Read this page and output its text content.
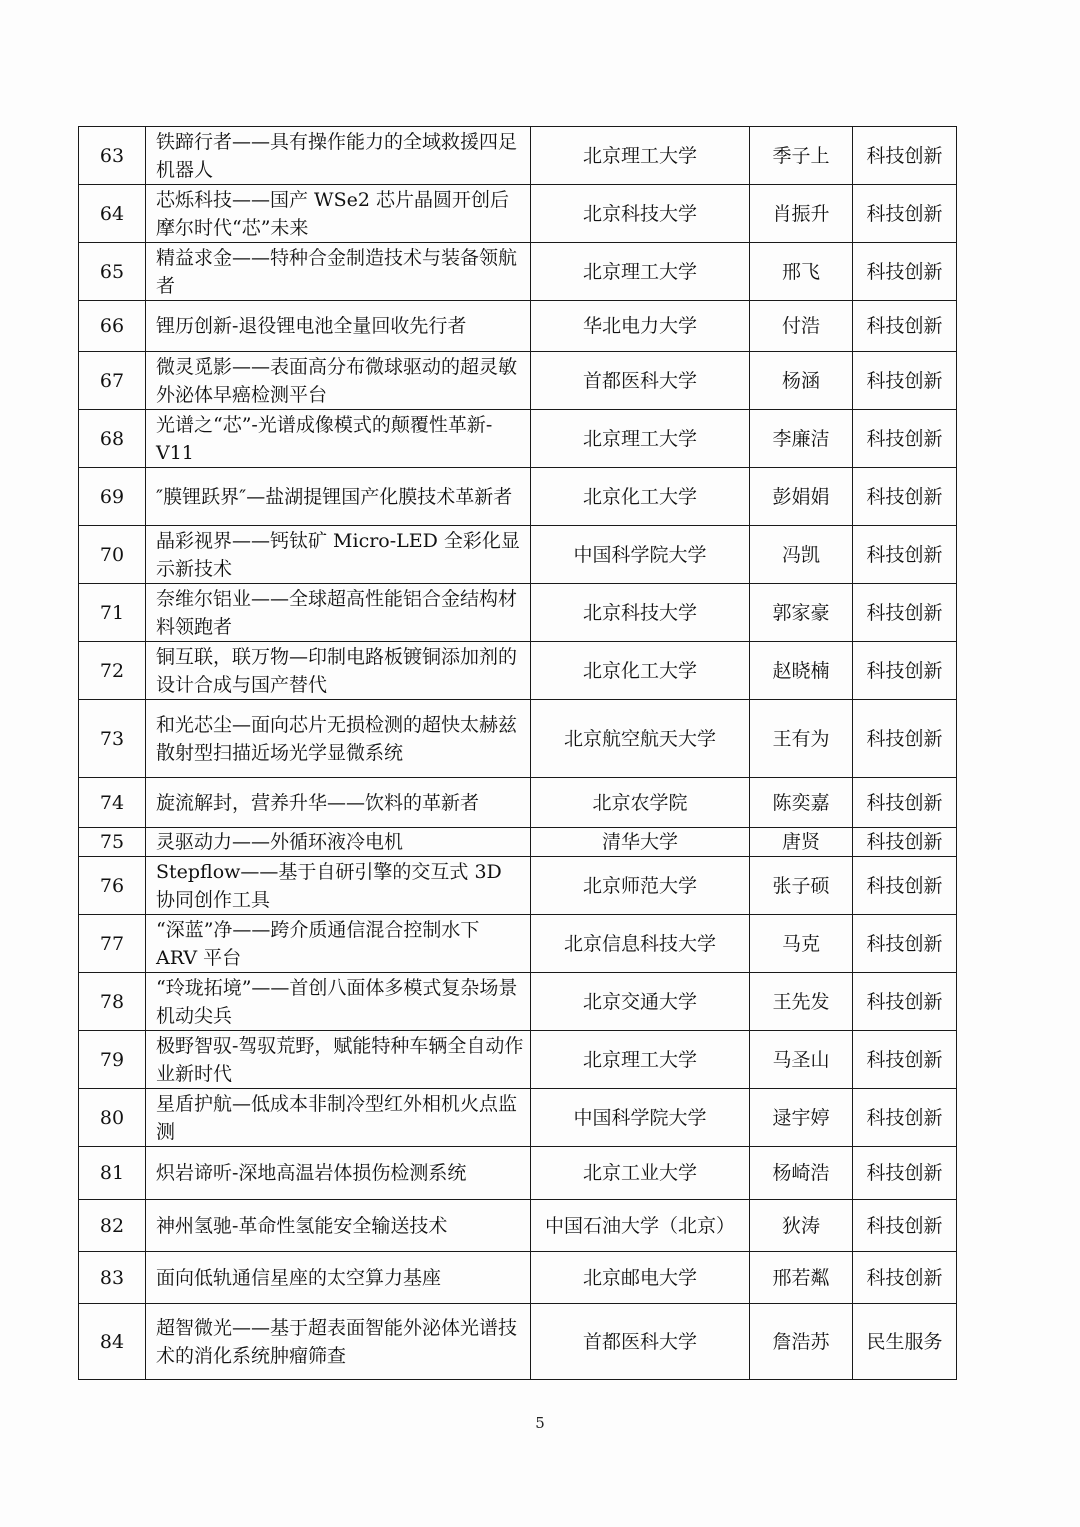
63	铁蹄行者——具有操作能力的全域救援四足机器人	北京理工大学	季子上	科技创新
64	芯烁科技——国产 WSe2 芯片晶圆开创后摩尔时代“芯”未来	北京科技大学	肖振升	科技创新
65	精益求金——特种合金制造技术与装备领航者	北京理工大学	邢飞	科技创新
66	锂历创新-退役锂电池全量回收先行者	华北电力大学	付浩	科技创新
67	微灵觅影——表面高分布微球驱动的超灵敏外泌体早癌检测平台	首都医科大学	杨涵	科技创新
68	光谱之“芯”-光谱成像模式的颠覆性革新-V11	北京理工大学	李廉洁	科技创新
69	″膜锂跃界″—盐湖提锂国产化膜技术革新者	北京化工大学	彭娟娟	科技创新
70	晶彩视界——钙钛矿 Micro-LED 全彩化显示新技术	中国科学院大学	冯凯	科技创新
71	奈维尔铝业——全球超高性能铝合金结构材料领跑者	北京科技大学	郭家豪	科技创新
72	铜互联，联万物—印制电路板镀铜添加剂的设计合成与国产替代	北京化工大学	赵晓楠	科技创新
73	和光芯尘—面向芯片无损检测的超快太赫兹散射型扫描近场光学显微系统	北京航空航天大学	王有为	科技创新
74	旋流解封，营养升华——饮料的革新者	北京农学院	陈奕嘉	科技创新
75	灵驱动力——外循环液冷电机	清华大学	唐贤	科技创新
76	Stepflow——基于自研引擎的交互式 3D 协同创作工具	北京师范大学	张子硕	科技创新
77	“深蓝”净——跨介质通信混合控制水下 ARV 平台	北京信息科技大学	马克	科技创新
78	“玲珑拓境”——首创八面体多模式复杂场景机动尖兵	北京交通大学	王先发	科技创新
79	极野智驭-驾驭荒野，赋能特种车辆全自动作业新时代	北京理工大学	马圣山	科技创新
80	星盾护航—低成本非制冷型红外相机火点监测	中国科学院大学	逯宇婷	科技创新
81	炽岩谛听-深地高温岩体损伤检测系统	北京工业大学	杨崎浩	科技创新
82	神州氢驰-革命性氢能安全输送技术	中国石油大学（北京）	狄涛	科技创新
83	面向低轨通信星座的太空算力基座	北京邮电大学	邢若粼	科技创新
84	超智微光——基于超表面智能外泌体光谱技术的消化系统肿瘤筛查	首都医科大学	詹浩苏	民生服务
5
